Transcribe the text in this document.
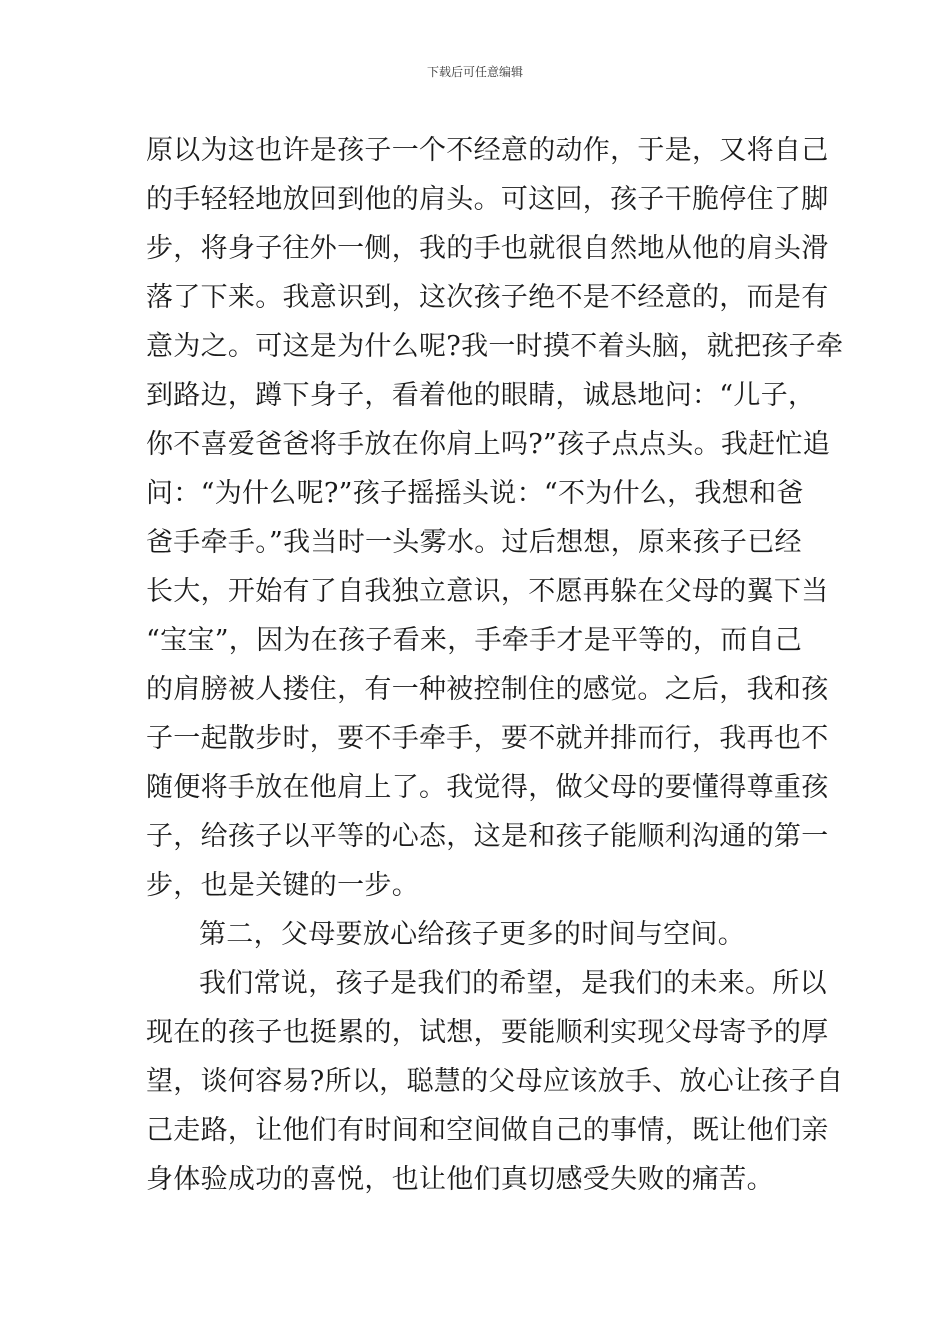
下载后可任意编辑
原以为这也许是孩子一个不经意的动作，于是，又将自己
的手轻轻地放回到他的肩头。可这回，孩子干脆停住了脚
步，将身子往外一侧，我的手也就很自然地从他的肩头滑
落了下来。我意识到，这次孩子绝不是不经意的，而是有
意为之。可这是为什么呢?我一时摸不着头脑，就把孩子牵
到路边，蹲下身子，看着他的眼睛，诚恳地问：“儿子，
你不喜爱爸爸将手放在你肩上吗?”孩子点点头。我赶忙追
问：“为什么呢?”孩子摇摇头说：“不为什么，我想和爸
爸手牵手。”我当时一头雾水。过后想想，原来孩子已经
长大，开始有了自我独立意识，不愿再躲在父母的翼下当
“宝宝”，因为在孩子看来，手牵手才是平等的，而自己
的肩膀被人搂住，有一种被控制住的感觉。之后，我和孩
子一起散步时，要不手牵手，要不就并排而行，我再也不
随便将手放在他肩上了。我觉得，做父母的要懂得尊重孩
子，给孩子以平等的心态，这是和孩子能顺利沟通的第一
步，也是关键的一步。
第二，父母要放心给孩子更多的时间与空间。
我们常说，孩子是我们的希望，是我们的未来。所以
现在的孩子也挺累的，试想，要能顺利实现父母寄予的厚
望，谈何容易?所以，聪慧的父母应该放手、放心让孩子自
己走路，让他们有时间和空间做自己的事情，既让他们亲
身体验成功的喜悦，也让他们真切感受失败的痛苦。
